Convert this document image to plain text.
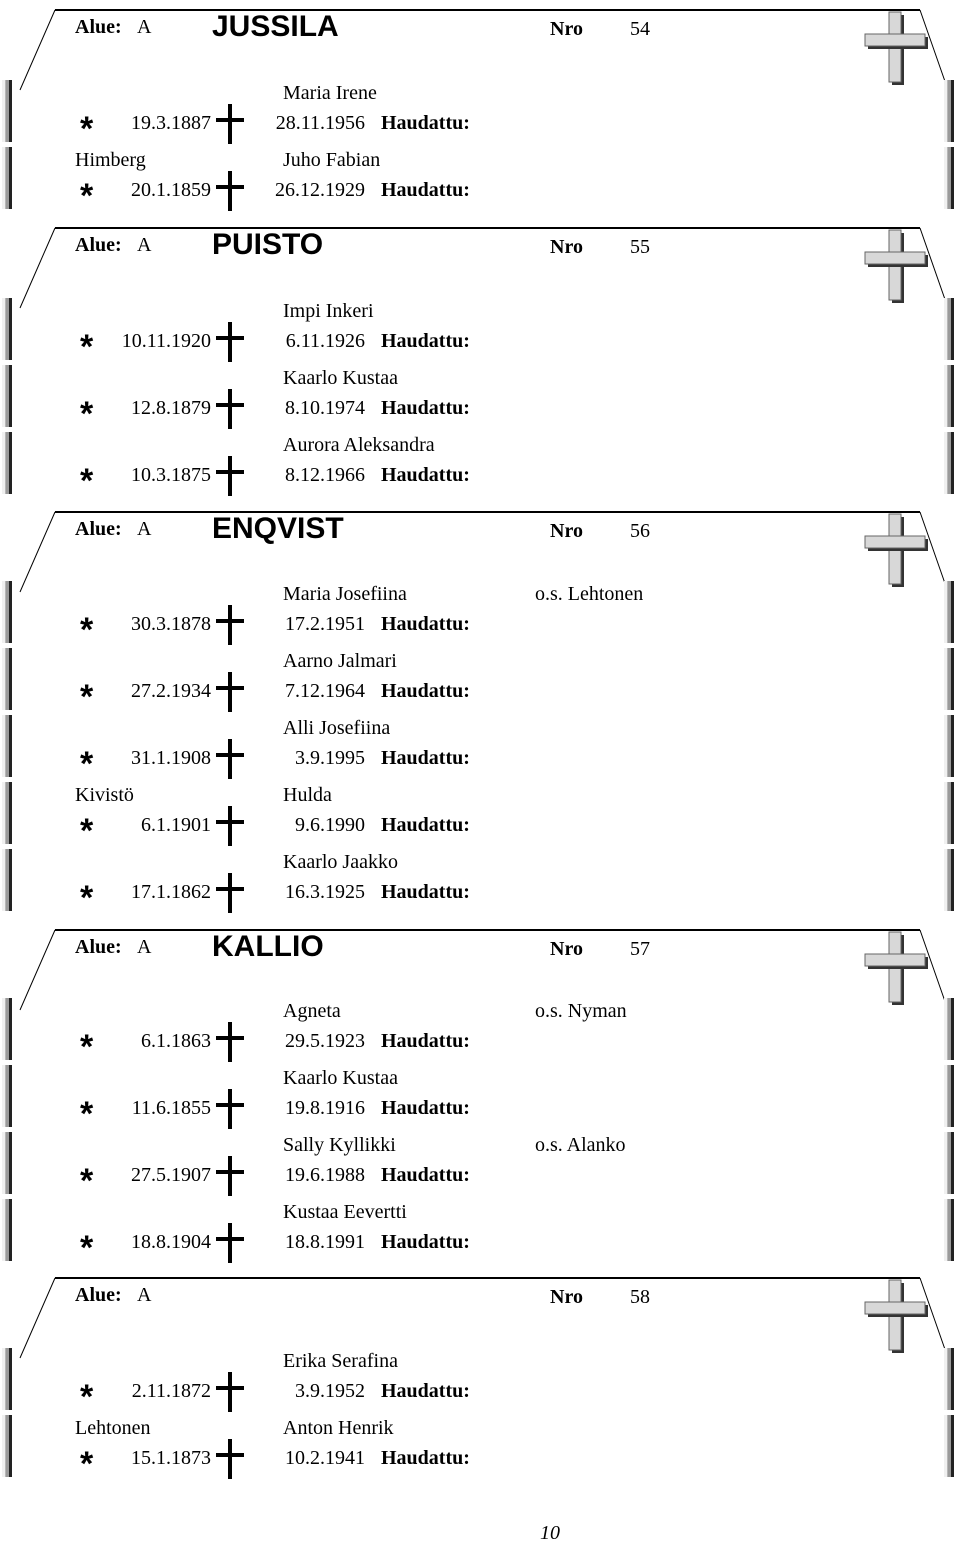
Alue: A JUSSILA	Nro 54
Maria Irene
*	19.3.1887	28.11.1956 Haudattu:
Himberg	Juho Fabian
*	20.1.1859	26.12.1929 Haudattu:
Alue: A PUISTO	Nro 55
Impi Inkeri
*	10.11.1920	6.11.1926 Haudattu:
Kaarlo Kustaa
*	12.8.1879	8.10.1974 Haudattu:
Aurora Aleksandra
*	10.3.1875	8.12.1966 Haudattu:
Alue: A ENQVIST	Nro 56
Maria Josefiina	o.s. Lehtonen
*	30.3.1878	17.2.1951 Haudattu:
Aarno Jalmari
*	27.2.1934	7.12.1964 Haudattu:
Alli Josefiina
*	31.1.1908	3.9.1995 Haudattu:
Kivistö	Hulda
*	6.1.1901	9.6.1990 Haudattu:
Kaarlo Jaakko
*	17.1.1862	16.3.1925 Haudattu:
Alue: A KALLIO	Nro 57
Agneta	o.s. Nyman
*	6.1.1863	29.5.1923 Haudattu:
Kaarlo Kustaa
*	11.6.1855	19.8.1916 Haudattu:
Sally Kyllikki	o.s. Alanko
*	27.5.1907	19.6.1988 Haudattu:
Kustaa Eevertti
*	18.8.1904	18.8.1991 Haudattu:
Alue: A	Nro 58
Erika Serafina
*	2.11.1872	3.9.1952 Haudattu:
Lehtonen	Anton Henrik
*	15.1.1873	10.2.1941 Haudattu:
10
